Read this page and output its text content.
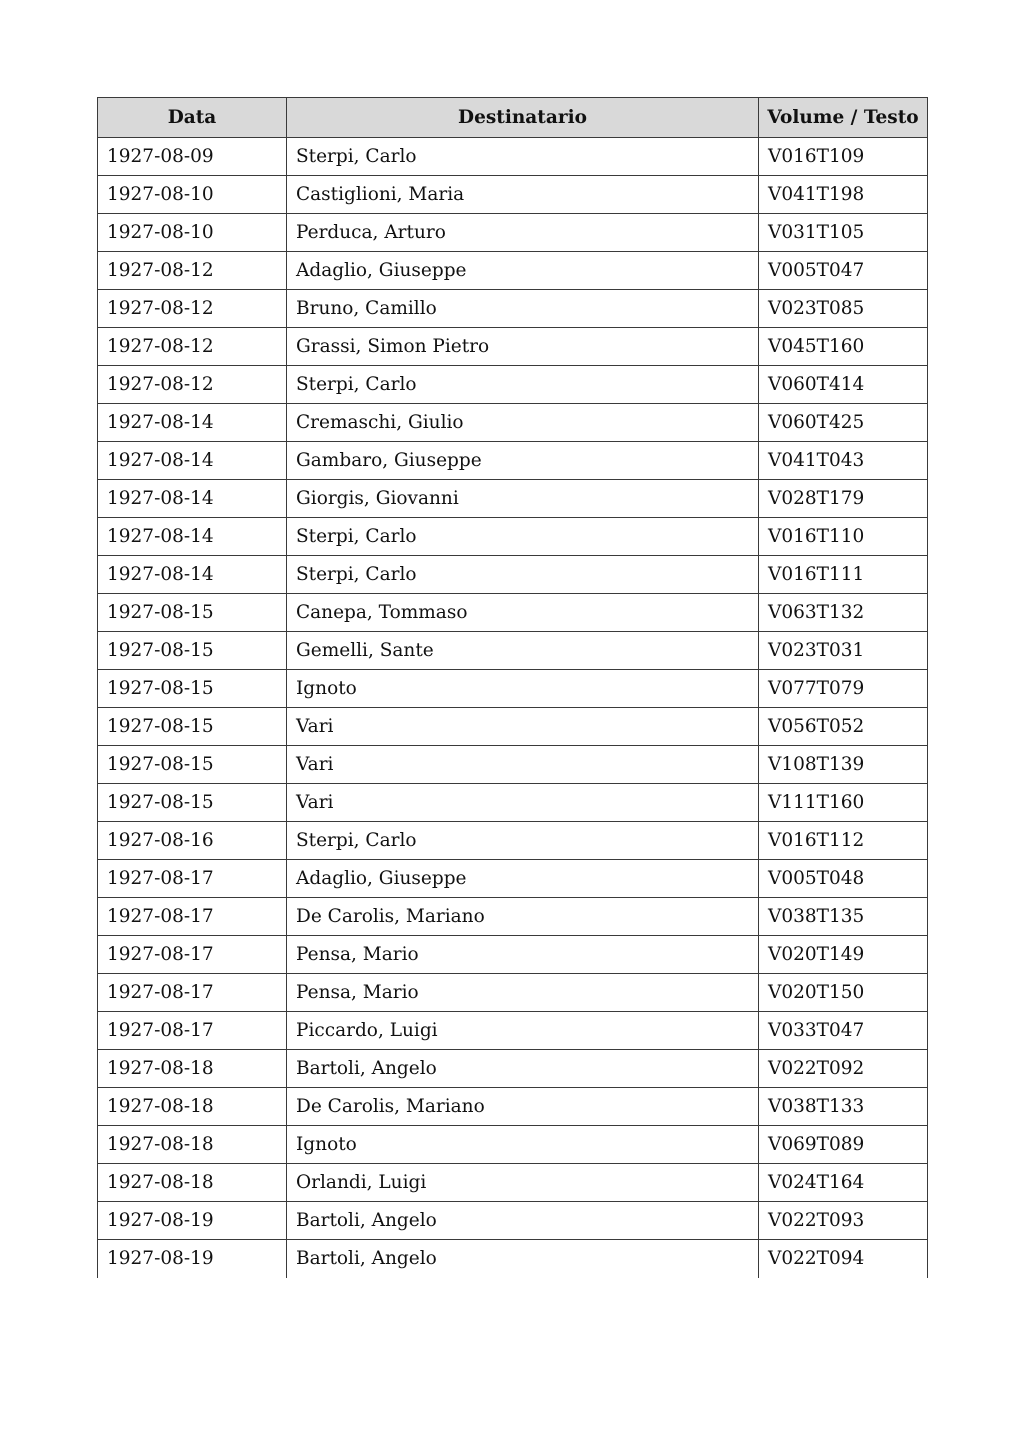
Data	Destinatario	Volume / Testo
1927-08-09	Sterpi, Carlo	V016T109
1927-08-10	Castiglioni, Maria	V041T198
1927-08-10	Perduca, Arturo	V031T105
1927-08-12	Adaglio, Giuseppe	V005T047
1927-08-12	Bruno, Camillo	V023T085
1927-08-12	Grassi, Simon Pietro	V045T160
1927-08-12	Sterpi, Carlo	V060T414
1927-08-14	Cremaschi, Giulio	V060T425
1927-08-14	Gambaro, Giuseppe	V041T043
1927-08-14	Giorgis, Giovanni	V028T179
1927-08-14	Sterpi, Carlo	V016T110
1927-08-14	Sterpi, Carlo	V016T111
1927-08-15	Canepa, Tommaso	V063T132
1927-08-15	Gemelli, Sante	V023T031
1927-08-15	Ignoto	V077T079
1927-08-15	Vari	V056T052
1927-08-15	Vari	V108T139
1927-08-15	Vari	V111T160
1927-08-16	Sterpi, Carlo	V016T112
1927-08-17	Adaglio, Giuseppe	V005T048
1927-08-17	De Carolis, Mariano	V038T135
1927-08-17	Pensa, Mario	V020T149
1927-08-17	Pensa, Mario	V020T150
1927-08-17	Piccardo, Luigi	V033T047
1927-08-18	Bartoli, Angelo	V022T092
1927-08-18	De Carolis, Mariano	V038T133
1927-08-18	Ignoto	V069T089
1927-08-18	Orlandi, Luigi	V024T164
1927-08-19	Bartoli, Angelo	V022T093
1927-08-19	Bartoli, Angelo	V022T094
